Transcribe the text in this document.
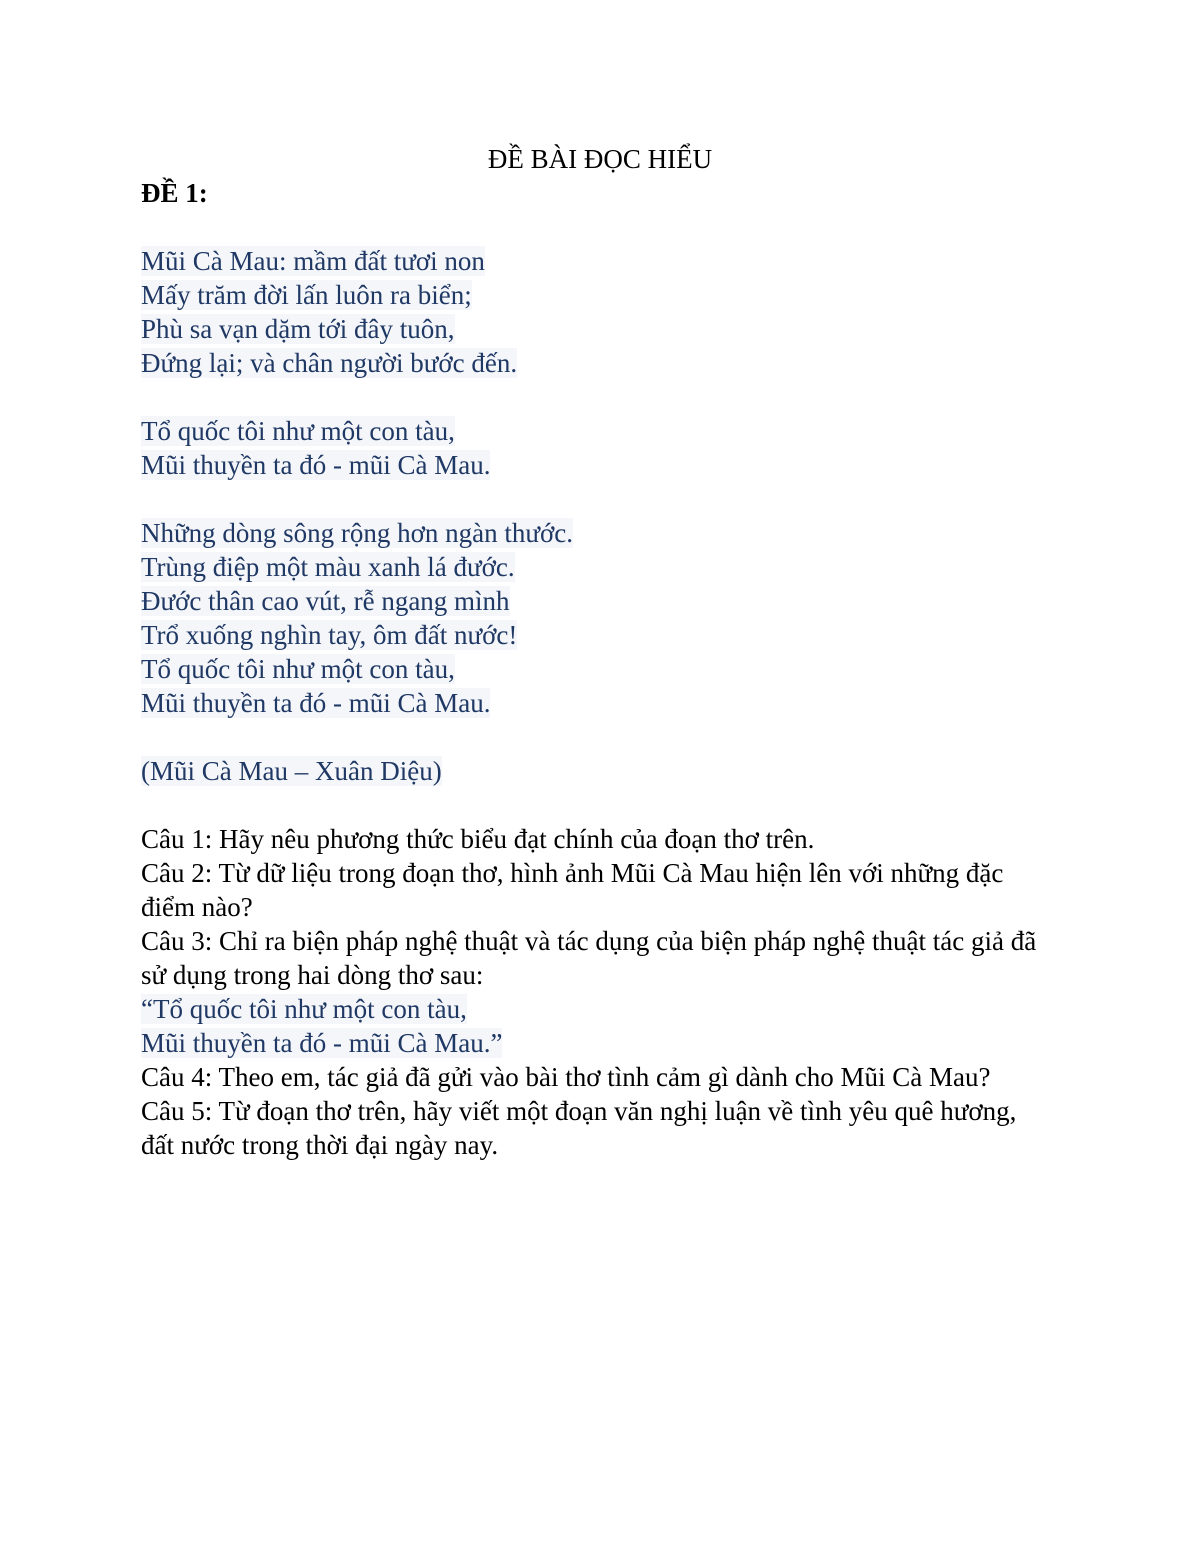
ĐỀ BÀI ĐỌC HIỂU
ĐỀ 1:
Mũi Cà Mau: mầm đất tươi non
Mấy trăm đời lấn luôn ra biển;
Phù sa vạn dặm tới đây tuôn,
Đứng lại; và chân người bước đến.
Tổ quốc tôi như một con tàu,
Mũi thuyền ta đó - mũi Cà Mau.
Những dòng sông rộng hơn ngàn thước.
Trùng điệp một màu xanh lá đước.
Đước thân cao vút, rễ ngang mình
Trổ xuống nghìn tay, ôm đất nước!
Tổ quốc tôi như một con tàu,
Mũi thuyền ta đó - mũi Cà Mau.
(Mũi Cà Mau – Xuân Diệu)
Câu 1: Hãy nêu phương thức biểu đạt chính của đoạn thơ trên.
Câu 2: Từ dữ liệu trong đoạn thơ, hình ảnh Mũi Cà Mau hiện lên với những đặc điểm nào?
Câu 3: Chỉ ra biện pháp nghệ thuật và tác dụng của biện pháp nghệ thuật tác giả đã sử dụng trong hai dòng thơ sau:
“Tổ quốc tôi như một con tàu,
Mũi thuyền ta đó - mũi Cà Mau.”
Câu 4: Theo em, tác giả đã gửi vào bài thơ tình cảm gì dành cho Mũi Cà Mau?
Câu 5: Từ đoạn thơ trên, hãy viết một đoạn văn nghị luận về tình yêu quê hương, đất nước trong thời đại ngày nay.
